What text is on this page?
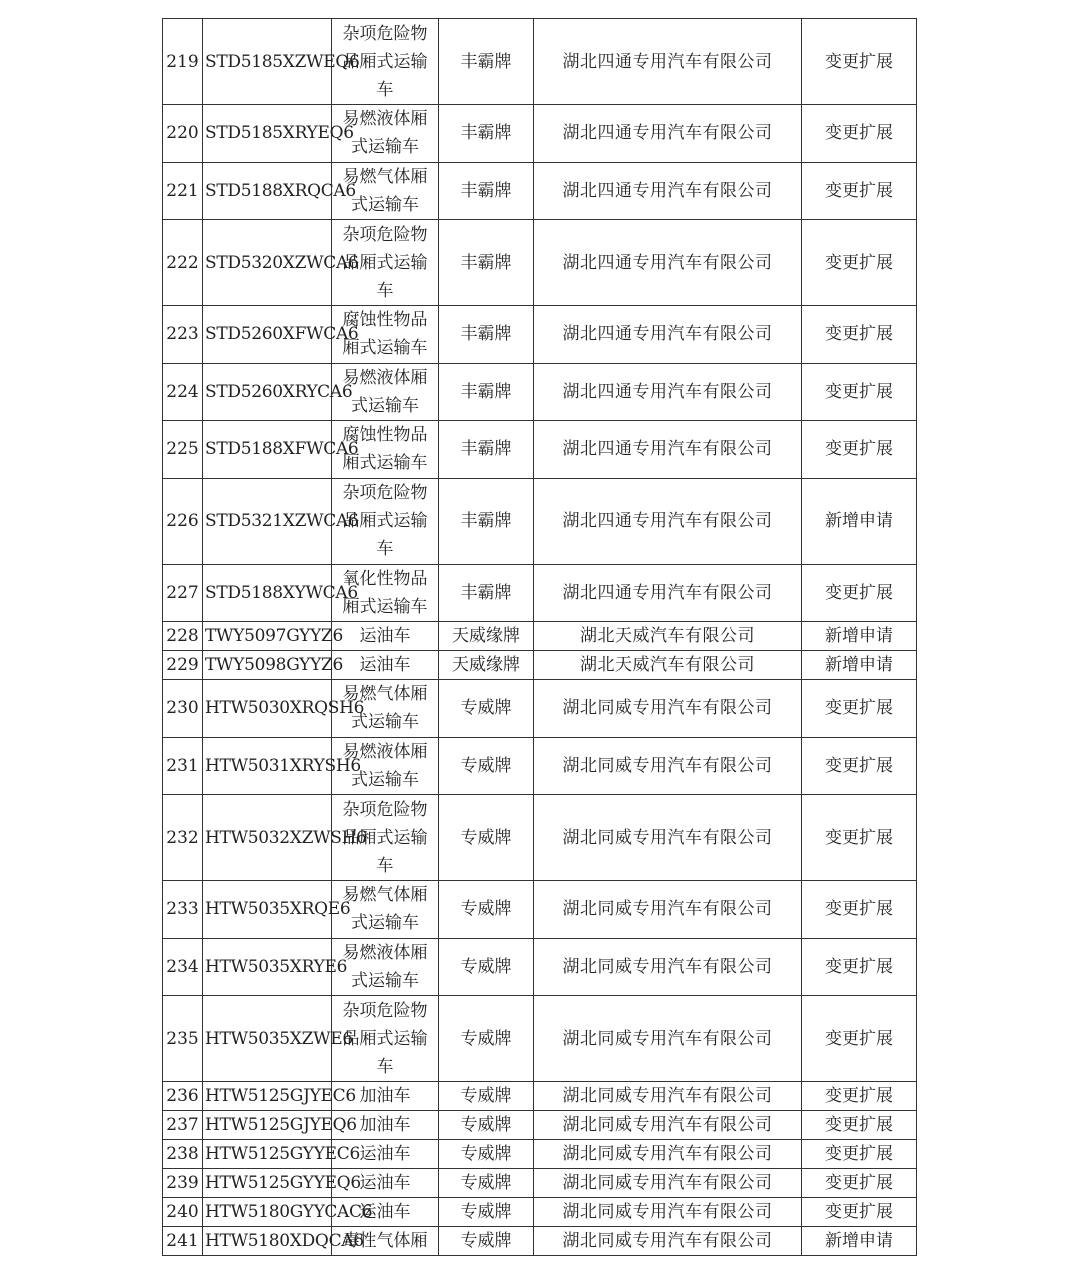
219	STD5185XZWEQ6	杂项危险物品厢式运输车	丰霸牌	湖北四通专用汽车有限公司	变更扩展
220	STD5185XRYEQ6	易燃液体厢式运输车	丰霸牌	湖北四通专用汽车有限公司	变更扩展
221	STD5188XRQCA6	易燃气体厢式运输车	丰霸牌	湖北四通专用汽车有限公司	变更扩展
222	STD5320XZWCA6	杂项危险物品厢式运输车	丰霸牌	湖北四通专用汽车有限公司	变更扩展
223	STD5260XFWCA6	腐蚀性物品厢式运输车	丰霸牌	湖北四通专用汽车有限公司	变更扩展
224	STD5260XRYCA6	易燃液体厢式运输车	丰霸牌	湖北四通专用汽车有限公司	变更扩展
225	STD5188XFWCA6	腐蚀性物品厢式运输车	丰霸牌	湖北四通专用汽车有限公司	变更扩展
226	STD5321XZWCA6	杂项危险物品厢式运输车	丰霸牌	湖北四通专用汽车有限公司	新增申请
227	STD5188XYWCA6	氧化性物品厢式运输车	丰霸牌	湖北四通专用汽车有限公司	变更扩展
228	TWY5097GYYZ6	运油车	天威缘牌	湖北天威汽车有限公司	新增申请
229	TWY5098GYYZ6	运油车	天威缘牌	湖北天威汽车有限公司	新增申请
230	HTW5030XRQSH6	易燃气体厢式运输车	专威牌	湖北同威专用汽车有限公司	变更扩展
231	HTW5031XRYSH6	易燃液体厢式运输车	专威牌	湖北同威专用汽车有限公司	变更扩展
232	HTW5032XZWSH6	杂项危险物品厢式运输车	专威牌	湖北同威专用汽车有限公司	变更扩展
233	HTW5035XRQE6	易燃气体厢式运输车	专威牌	湖北同威专用汽车有限公司	变更扩展
234	HTW5035XRYE6	易燃液体厢式运输车	专威牌	湖北同威专用汽车有限公司	变更扩展
235	HTW5035XZWE6	杂项危险物品厢式运输车	专威牌	湖北同威专用汽车有限公司	变更扩展
236	HTW5125GJYEC6	加油车	专威牌	湖北同威专用汽车有限公司	变更扩展
237	HTW5125GJYEQ6	加油车	专威牌	湖北同威专用汽车有限公司	变更扩展
238	HTW5125GYYEC6	运油车	专威牌	湖北同威专用汽车有限公司	变更扩展
239	HTW5125GYYEQ6	运油车	专威牌	湖北同威专用汽车有限公司	变更扩展
240	HTW5180GYYCAC6	运油车	专威牌	湖北同威专用汽车有限公司	变更扩展
241	HTW5180XDQCA6	毒性气体厢	专威牌	湖北同威专用汽车有限公司	新增申请
